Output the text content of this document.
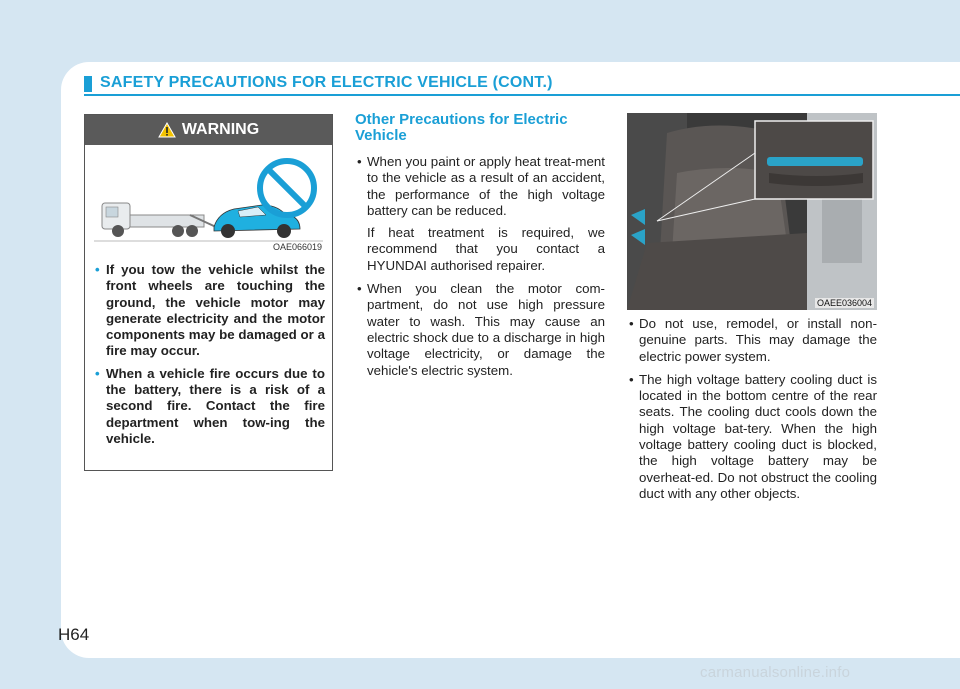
SAFETY PRECAUTIONS FOR ELECTRIC VEHICLE (CONT.)
WARNING
OAE066019
• If you tow the vehicle whilst the front wheels are touching the ground, the vehicle motor may generate electricity and the motor components may be damaged or a fire may occur.
• When a vehicle fire occurs due to the battery, there is a risk of a second fire. Contact the fire department when tow-ing the vehicle.
Other Precautions for Electric Vehicle
• When you paint or apply heat treat-ment to the vehicle as a result of an accident, the performance of the high voltage battery can be reduced.

If heat treatment is required, we recommend that you contact a HYUNDAI authorised repairer.

• When you clean the motor com-partment, do not use high pressure water to wash. This may cause an electric shock due to a discharge in high voltage electricity, or damage the vehicle's electric system.
OAEE036004
• Do not use, remodel, or install non-genuine parts. This may damage the electric power system.
• The high voltage battery cooling duct is located in the bottom centre of the rear seats. The cooling duct cools down the high voltage bat-tery. When the high voltage battery cooling duct is blocked, the high voltage battery may be overheat-ed. Do not obstruct the cooling duct with any other objects.
H64
carmanualsonline.info
